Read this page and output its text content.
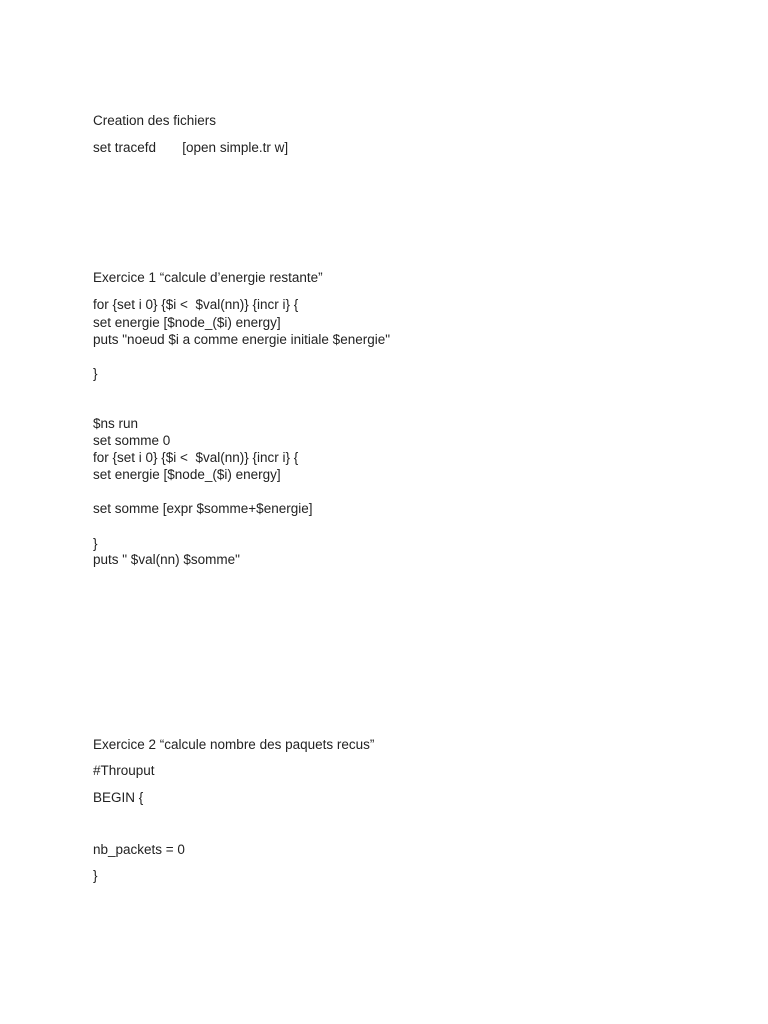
Creation des fichiers
set tracefd       [open simple.tr w]
Exercice 1 “calcule d’energie restante”
for {set i 0} {$i <  $val(nn)} {incr i} {
set energie [$node_($i) energy]
puts "noeud $i a comme energie initiale $energie"
}
$ns run
set somme 0
for {set i 0} {$i <  $val(nn)} {incr i} {
set energie [$node_($i) energy]
set somme [expr $somme+$energie]
}
puts " $val(nn) $somme"
Exercice 2 “calcule nombre des paquets recus”
#Throuput
BEGIN {
nb_packets = 0
}
